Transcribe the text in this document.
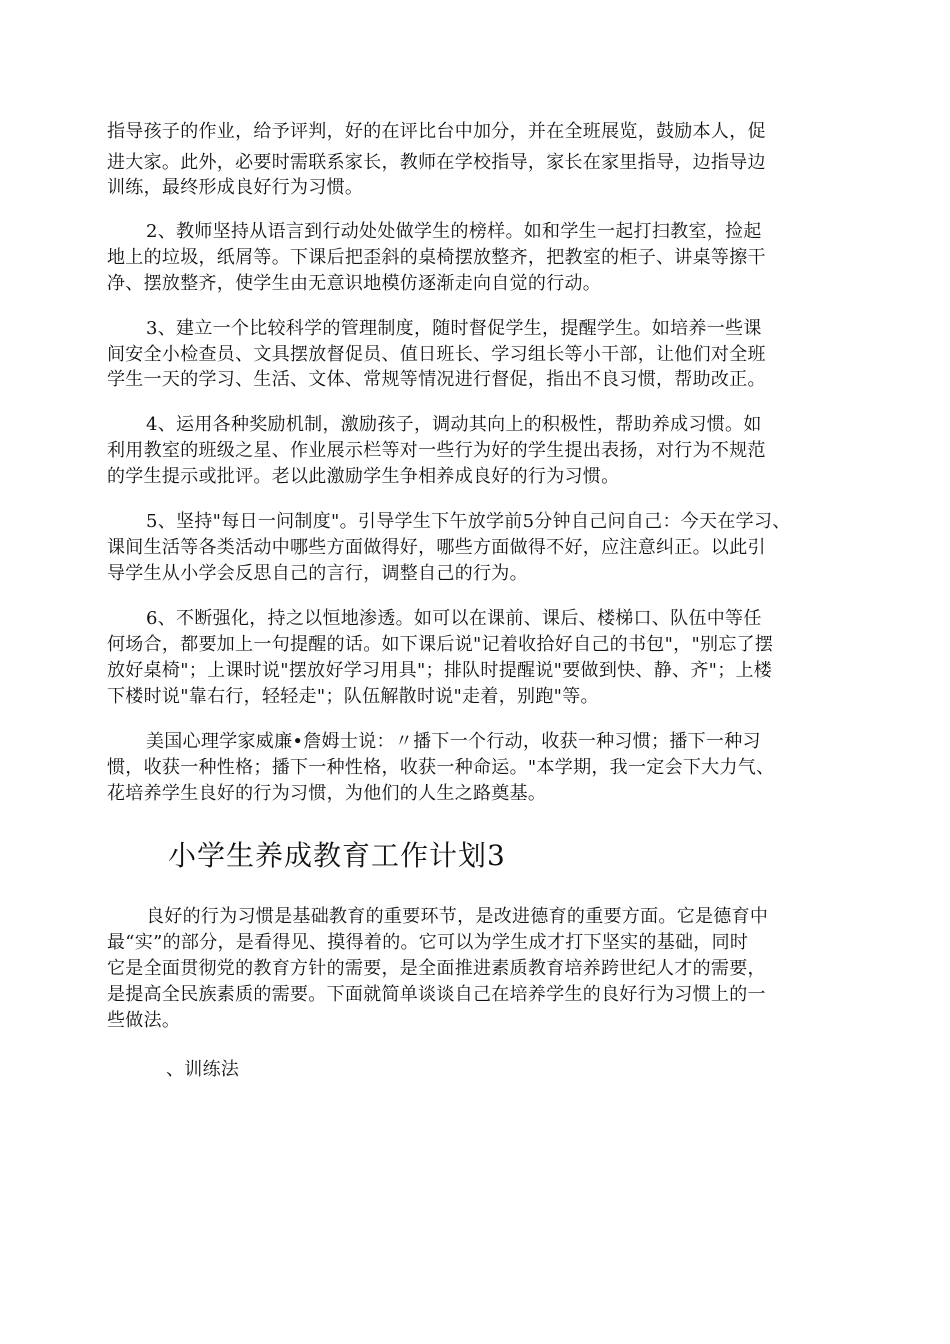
指导孩子的作业，给予评判，好的在评比台中加分，并在全班展览，鼓励本人，促
进大家。此外，必要时需联系家长，教师在学校指导，家长在家里指导，边指导边
训练，最终形成良好行为习惯。
2、教师坚持从语言到行动处处做学生的榜样。如和学生一起打扫教室，捡起
地上的垃圾，纸屑等。下课后把歪斜的桌椅摆放整齐，把教室的柜子、讲桌等擦干
净、摆放整齐，使学生由无意识地模仿逐渐走向自觉的行动。
3、建立一个比较科学的管理制度，随时督促学生，提醒学生。如培养一些课
间安全小检查员、文具摆放督促员、值日班长、学习组长等小干部，让他们对全班
学生一天的学习、生活、文体、常规等情况进行督促，指出不良习惯，帮助改正。
4、运用各种奖励机制，激励孩子，调动其向上的积极性，帮助养成习惯。如
利用教室的班级之星、作业展示栏等对一些行为好的学生提出表扬，对行为不规范
的学生提示或批评。老以此激励学生争相养成良好的行为习惯。
5、坚持"每日一问制度"。引导学生下午放学前5分钟自己问自己：今天在学习、
课间生活等各类活动中哪些方面做得好，哪些方面做得不好，应注意纠正。以此引
导学生从小学会反思自己的言行，调整自己的行为。
6、不断强化，持之以恒地渗透。如可以在课前、课后、楼梯口、队伍中等任
何场合，都要加上一句提醒的话。如下课后说"记着收拾好自己的书包"，"别忘了摆
放好桌椅"；上课时说"摆放好学习用具"；排队时提醒说"要做到快、静、齐"；上楼
下楼时说"靠右行，轻轻走"；队伍解散时说"走着，别跑"等。
美国心理学家威廉•詹姆士说：〃播下一个行动，收获一种习惯；播下一种习
惯，收获一种性格；播下一种性格，收获一种命运。"本学期，我一定会下大力气、
花培养学生良好的行为习惯，为他们的人生之路奠基。
小学生养成教育工作计划3
良好的行为习惯是基础教育的重要环节，是改进德育的重要方面。它是德育中
最“实”的部分，是看得见、摸得着的。它可以为学生成才打下坚实的基础，同时
它是全面贯彻党的教育方针的需要，是全面推进素质教育培养跨世纪人才的需要，
是提高全民族素质的需要。下面就简单谈谈自己在培养学生的良好行为习惯上的一
些做法。
、训练法
